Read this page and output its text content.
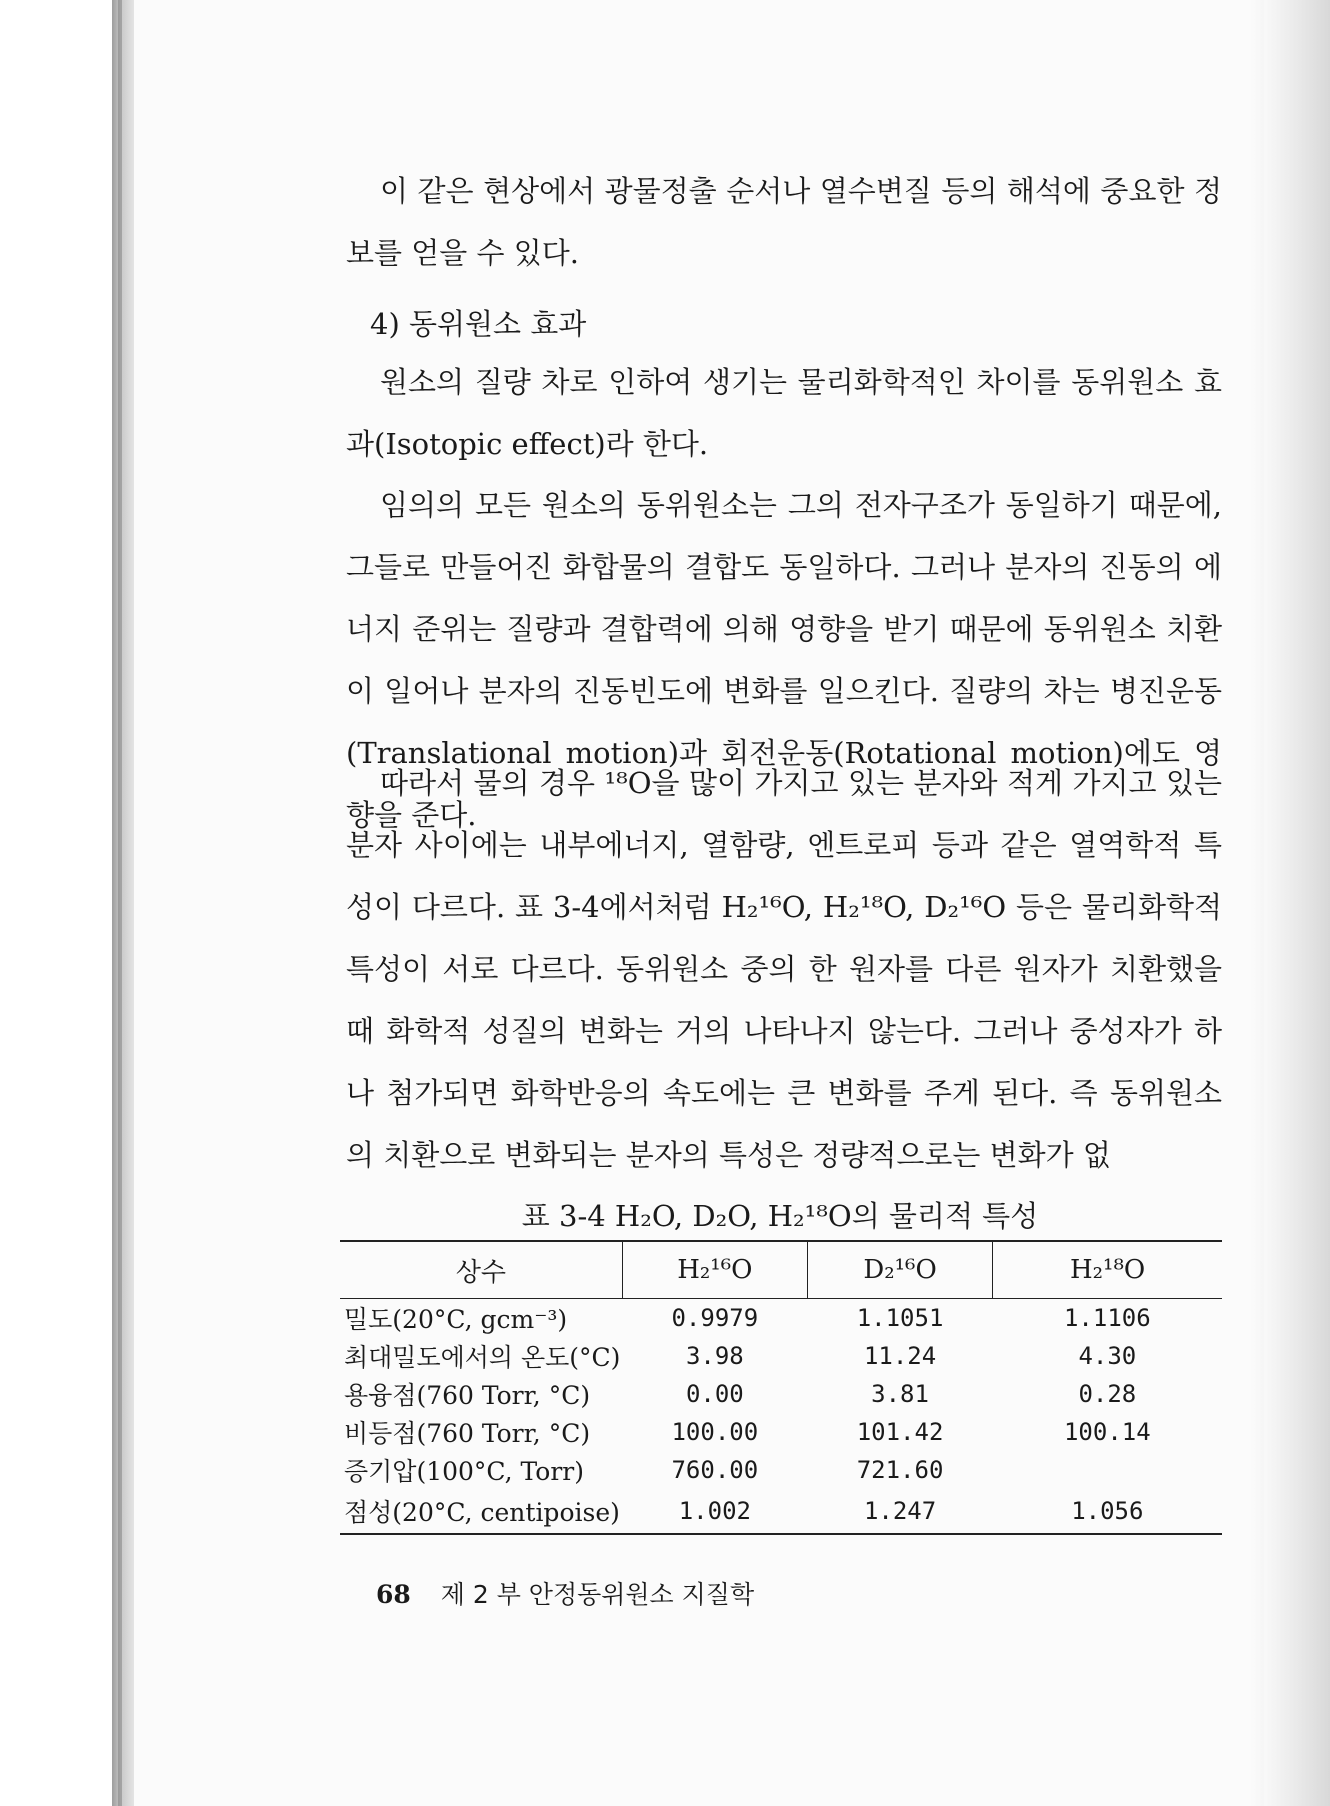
이 같은 현상에서 광물정출 순서나 열수변질 등의 해석에 중요한 정보를 얻을 수 있다.

4) 동위원소 효과

원소의 질량 차로 인하여 생기는 물리화학적인 차이를 동위원소 효과(Isotopic effect)라 한다.

임의의 모든 원소의 동위원소는 그의 전자구조가 동일하기 때문에, 그들로 만들어진 화합물의 결합도 동일하다. 그러나 분자의 진동의 에너지 준위는 질량과 결합력에 의해 영향을 받기 때문에 동위원소 치환이 일어나 분자의 진동빈도에 변화를 일으킨다. 질량의 차는 병진운동(Translational motion)과 회전운동(Rotational motion)에도 영향을 준다.

따라서 물의 경우 ¹⁸O을 많이 가지고 있는 분자와 적게 가지고 있는 분자 사이에는 내부에너지, 열함량, 엔트로피 등과 같은 열역학적 특성이 다르다. 표 3-4에서처럼 H₂¹⁶O, H₂¹⁸O, D₂¹⁶O 등은 물리화학적 특성이 서로 다르다. 동위원소 중의 한 원자를 다른 원자가 치환했을 때 화학적 성질의 변화는 거의 나타나지 않는다. 그러나 중성자가 하나 첨가되면 화학반응의 속도에는 큰 변화를 주게 된다. 즉 동위원소의 치환으로 변화되는 분자의 특성은 정량적으로는 변화가 없

표 3-4 H₂O, D₂O, H₂¹⁸O의 물리적 특성

상수	H₂¹⁶O	D₂¹⁶O	H₂¹⁸O
밀도(20°C, gcm⁻³)	0.9979	1.1051	1.1106
최대밀도에서의 온도(°C)	3.98	11.24	4.30
용융점(760 Torr, °C)	0.00	3.81	0.28
비등점(760 Torr, °C)	100.00	101.42	100.14
증기압(100°C, Torr)	760.00	721.60	
점성(20°C, centipoise)	1.002	1.247	1.056

68 제 2 부 안정동위원소 지질학
